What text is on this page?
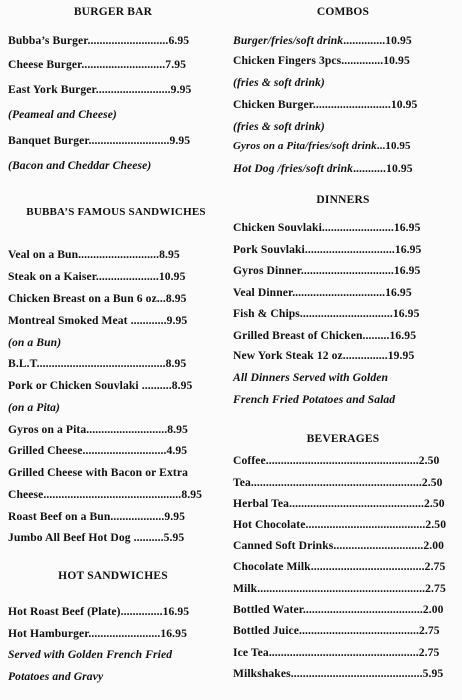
BURGER BAR
Bubba’s Burger...........................6.95
Cheese Burger............................7.95
East York Burger.........................9.95
(Peameal and Cheese)
Banquet Burger...........................9.95
(Bacon and Cheddar Cheese)
BUBBA’S FAMOUS SANDWICHES
Veal on a Bun...........................8.95
Steak on a Kaiser.....................10.95
Chicken Breast on a Bun 6 oz...8.95
Montreal Smoked Meat ............9.95
(on a Bun)
B.L.T...........................................8.95
Pork or Chicken Souvlaki ..........8.95
(on a Pita)
Gyros on a Pita...........................8.95
Grilled Cheese............................4.95
Grilled Cheese with Bacon or Extra
Cheese..............................................8.95
Roast Beef on a Bun..................9.95
Jumbo All Beef Hot Dog ..........5.95
HOT SANDWICHES
Hot Roast Beef (Plate)..............16.95
Hot Hamburger........................16.95
Served with Golden French Fried
Potatoes and Gravy
COMBOS
Burger/fries/soft drink..............10.95
Chicken Fingers 3pcs..............10.95
(fries & soft drink)
Chicken Burger..........................10.95
(fries & soft drink)
Gyros on a Pita/fries/soft drink...10.95
Hot Dog /fries/soft drink...........10.95
DINNERS
Chicken Souvlaki........................16.95
Pork Souvlaki..............................16.95
Gyros Dinner...............................16.95
Veal Dinner...............................16.95
Fish & Chips...............................16.95
Grilled Breast of Chicken.........16.95
New York Steak 12 oz...............19.95
All Dinners Served with Golden
French Fried Potatoes and Salad
BEVERAGES
Coffee...................................................2.50
Tea.........................................................2.50
Herbal Tea.............................................2.50
Hot Chocolate........................................2.50
Canned Soft Drinks..............................2.00
Chocolate Milk......................................2.75
Milk........................................................2.75
Bottled Water........................................2.00
Bottled Juice........................................2.75
Ice Tea..................................................2.75
Milkshakes............................................5.95
